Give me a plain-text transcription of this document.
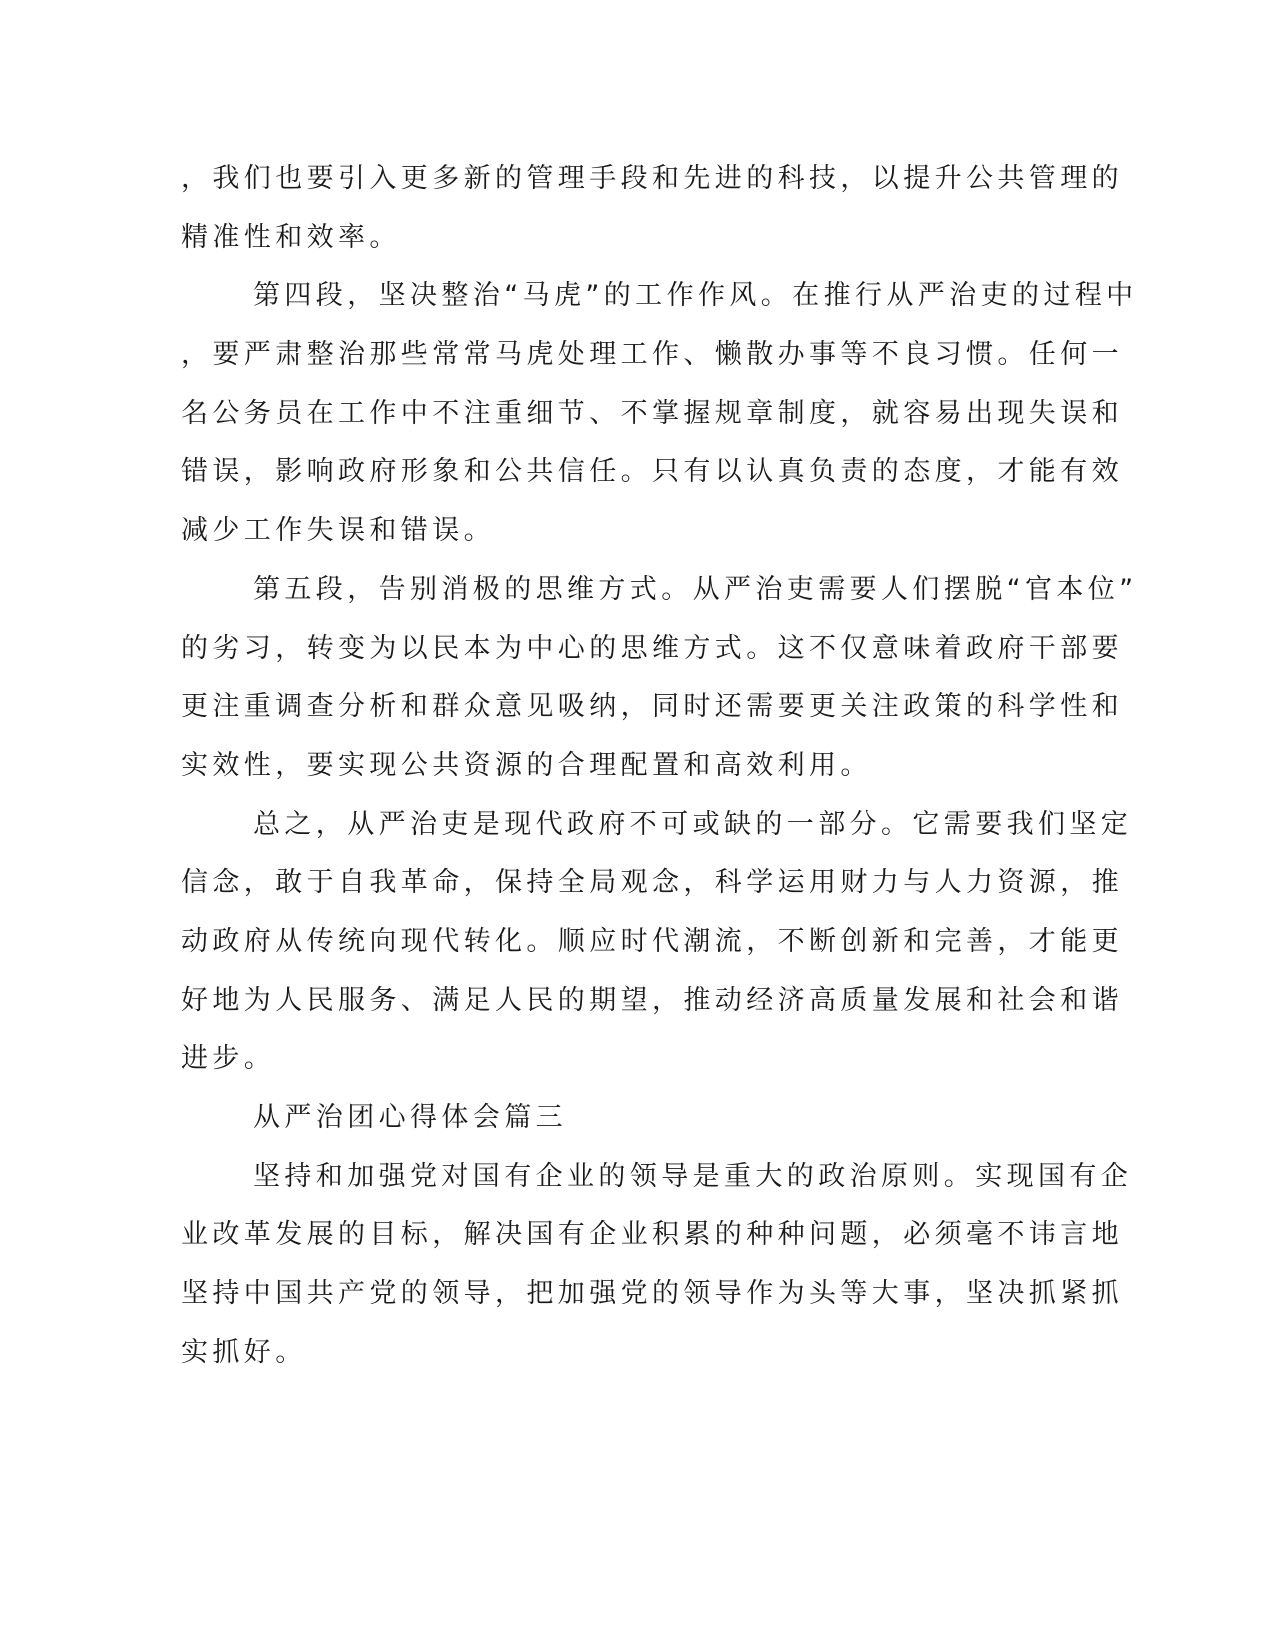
，我们也要引入更多新的管理手段和先进的科技，以提升公共管理的
精准性和效率。
第四段，坚决整治“马虎”的工作作风。在推行从严治吏的过程中
，要严肃整治那些常常马虎处理工作、懒散办事等不良习惯。任何一
名公务员在工作中不注重细节、不掌握规章制度，就容易出现失误和
错误，影响政府形象和公共信任。只有以认真负责的态度，才能有效
减少工作失误和错误。
第五段，告别消极的思维方式。从严治吏需要人们摆脱“官本位”
的劣习，转变为以民本为中心的思维方式。这不仅意味着政府干部要
更注重调查分析和群众意见吸纳，同时还需要更关注政策的科学性和
实效性，要实现公共资源的合理配置和高效利用。
总之，从严治吏是现代政府不可或缺的一部分。它需要我们坚定
信念，敢于自我革命，保持全局观念，科学运用财力与人力资源，推
动政府从传统向现代转化。顺应时代潮流，不断创新和完善，才能更
好地为人民服务、满足人民的期望，推动经济高质量发展和社会和谐
进步。
从严治团心得体会篇三
坚持和加强党对国有企业的领导是重大的政治原则。实现国有企
业改革发展的目标，解决国有企业积累的种种问题，必须毫不讳言地
坚持中国共产党的领导，把加强党的领导作为头等大事，坚决抓紧抓
实抓好。
